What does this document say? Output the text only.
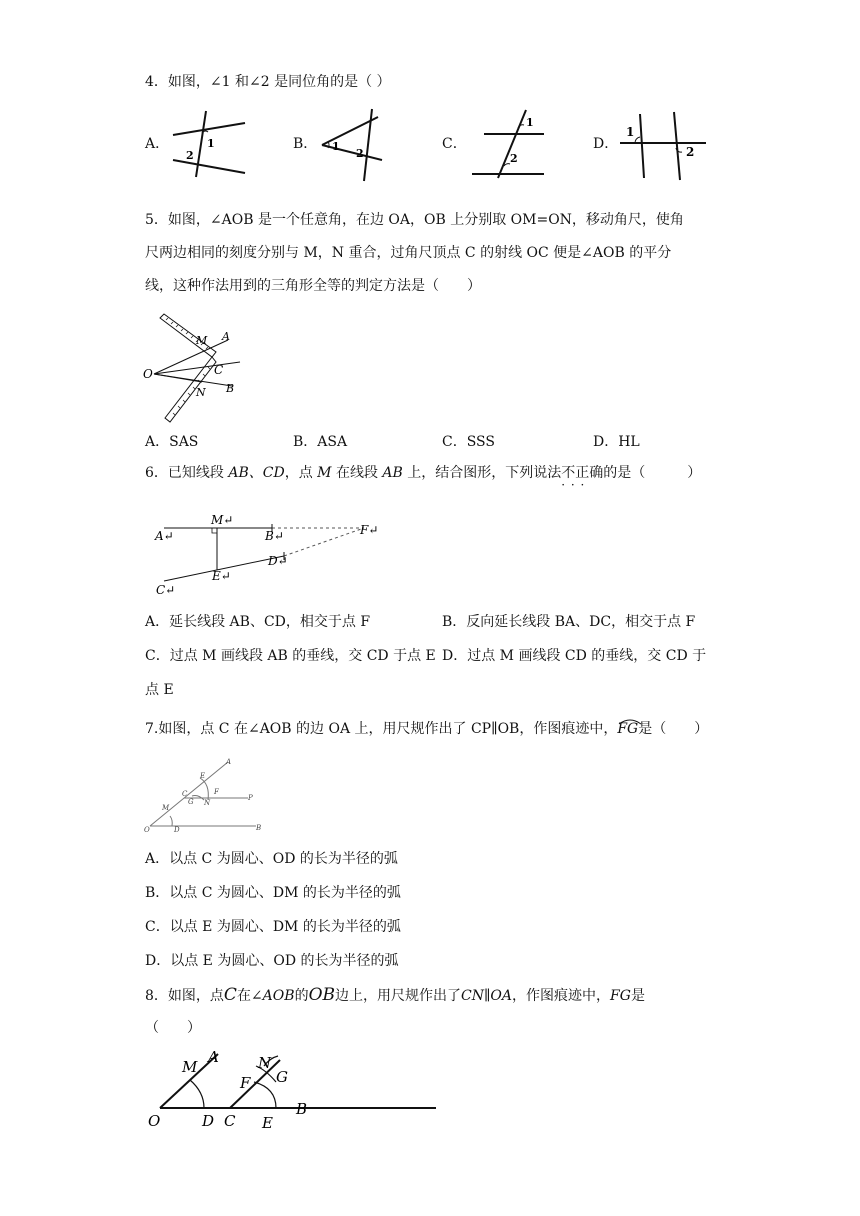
4．如图，∠1 和∠2 是同位角的是（ ）
A．	1
2
B． 1
2
C．
1
2
D．
1
2
5．如图，∠AOB 是一个任意角，在边 OA，OB 上分别取 OM=ON，移动角尺，使角
尺两边相同的刻度分别与 M，N 重合，过角尺顶点 C 的射线 OC 便是∠AOB 的平分
线，这种作法用到的三角形全等的判定方法是（　　）
O
M A
C
N B
A．SAS	B．ASA	C．SSS	D．HL
6．已知线段 AB、CD，点 M 在线段 AB 上，结合图形，下列说法不正确 · · ·的是（　　　）
A↵
M↵
B↵	F↵
E↵
D↵
C↵
A．延长线段 AB、CD，相交于点 F	B．反向延长线段 BA、DC，相交于点 F
C．过点 M 画线段 AB 的垂线，交 CD 于点 E D．过点 M 画线段 CD 的垂线，交 CD 于
点 E
7.如图，点 C 在∠AOB 的边 OA 上，用尺规作出了 CP∥OB，作图痕迹中，
FG是（　　）
A
E
C	F
P
G N
M
O	D	B
A．以点 C 为圆心、OD 的长为半径的弧
B．以点 C 为圆心、DM 的长为半径的弧
C．以点 E 为圆心、DM 的长为半径的弧
D．以点 E 为圆心、OD 的长为半径的弧
8．如图，点C在∠AOB的OB边上，用尺规作出了CN∥OA，作图痕迹中，FG是
（　　）
M
A	N
F G
O	D C E
B
